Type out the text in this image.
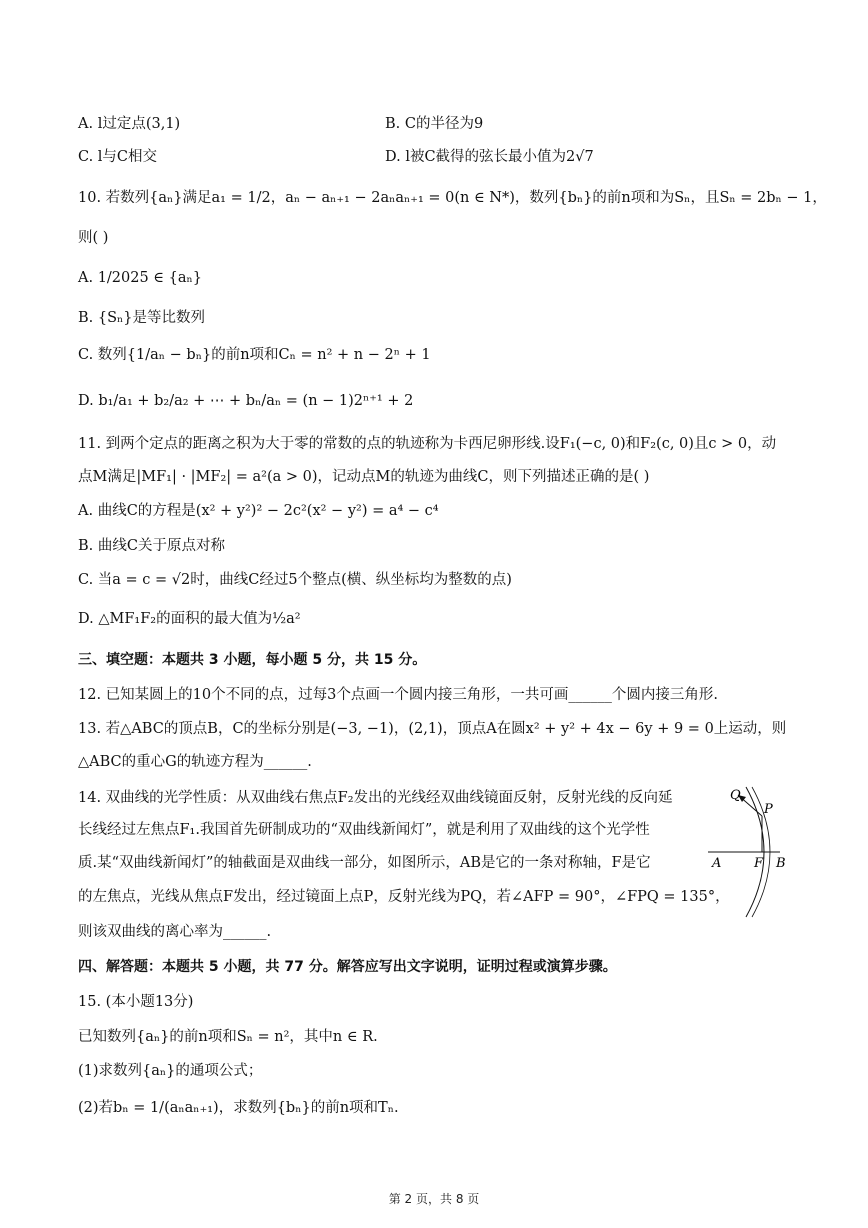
A. l过定点(3,1)	B. C的半径为9
C. l与C相交	D. l被C截得的弦长最小值为2√7
10. 若数列{aₙ}满足a₁ = 1/2，aₙ − aₙ₊₁ − 2aₙaₙ₊₁ = 0(n ∈ N*)，数列{bₙ}的前n项和为Sₙ，且Sₙ = 2bₙ − 1，
则( )
A. 1/2025 ∈ {aₙ}
B. {Sₙ}是等比数列
C. 数列{1/aₙ − bₙ}的前n项和Cₙ = n² + n − 2ⁿ + 1
D. b₁/a₁ + b₂/a₂ + ⋯ + bₙ/aₙ = (n − 1)2ⁿ⁺¹ + 2
11. 到两个定点的距离之积为大于零的常数的点的轨迹称为卡西尼卵形线.设F₁(−c, 0)和F₂(c, 0)且c > 0，动
点M满足|MF₁| · |MF₂| = a²(a > 0)，记动点M的轨迹为曲线C，则下列描述正确的是( )
A. 曲线C的方程是(x² + y²)² − 2c²(x² − y²) = a⁴ − c⁴
B. 曲线C关于原点对称
C. 当a = c = √2时，曲线C经过5个整点(横、纵坐标均为整数的点)
D. △MF₁F₂的面积的最大值为½a²
三、填空题：本题共 3 小题，每小题 5 分，共 15 分。
12. 已知某圆上的10个不同的点，过每3个点画一个圆内接三角形，一共可画______个圆内接三角形.
13. 若△ABC的顶点B，C的坐标分别是(−3, −1)，(2,1)，顶点A在圆x² + y² + 4x − 6y + 9 = 0上运动，则
△ABC的重心G的轨迹方程为______.
14. 双曲线的光学性质：从双曲线右焦点F₂发出的光线经双曲线镜面反射，反射光线的反向延
长线经过左焦点F₁.我国首先研制成功的“双曲线新闻灯”，就是利用了双曲线的这个光学性
质.某“双曲线新闻灯”的轴截面是双曲线一部分，如图所示，AB是它的一条对称轴，F是它
的左焦点，光线从焦点F发出，经过镜面上点P，反射光线为PQ，若∠AFP = 90°，∠FPQ = 135°，
则该双曲线的离心率为______.
Q
P
A	F B
四、解答题：本题共 5 小题，共 77 分。解答应写出文字说明，证明过程或演算步骤。
15. (本小题13分)
已知数列{aₙ}的前n项和Sₙ = n²，其中n ∈ R.
(1)求数列{aₙ}的通项公式；
(2)若bₙ = 1/(aₙaₙ₊₁)，求数列{bₙ}的前n项和Tₙ.
第 2 页，共 8 页
